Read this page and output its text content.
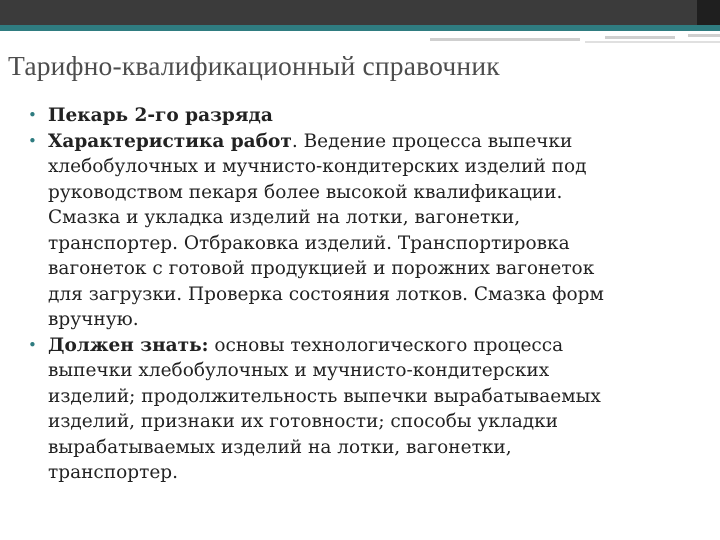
Тарифно-квалификационный справочник
• Пекарь 2-го разряда
• Характеристика работ. Ведение процесса выпечки
хлебобулочных и мучнисто-кондитерских изделий под
руководством пекаря более высокой квалификации.
Смазка и укладка изделий на лотки, вагонетки,
транспортер. Отбраковка изделий. Транспортировка
вагонеток с готовой продукцией и порожних вагонеток
для загрузки. Проверка состояния лотков. Смазка форм
вручную.
• Должен знать: основы технологического процесса
выпечки хлебобулочных и мучнисто-кондитерских
изделий; продолжительность выпечки вырабатываемых
изделий, признаки их готовности; способы укладки
вырабатываемых изделий на лотки, вагонетки,
транспортер.
